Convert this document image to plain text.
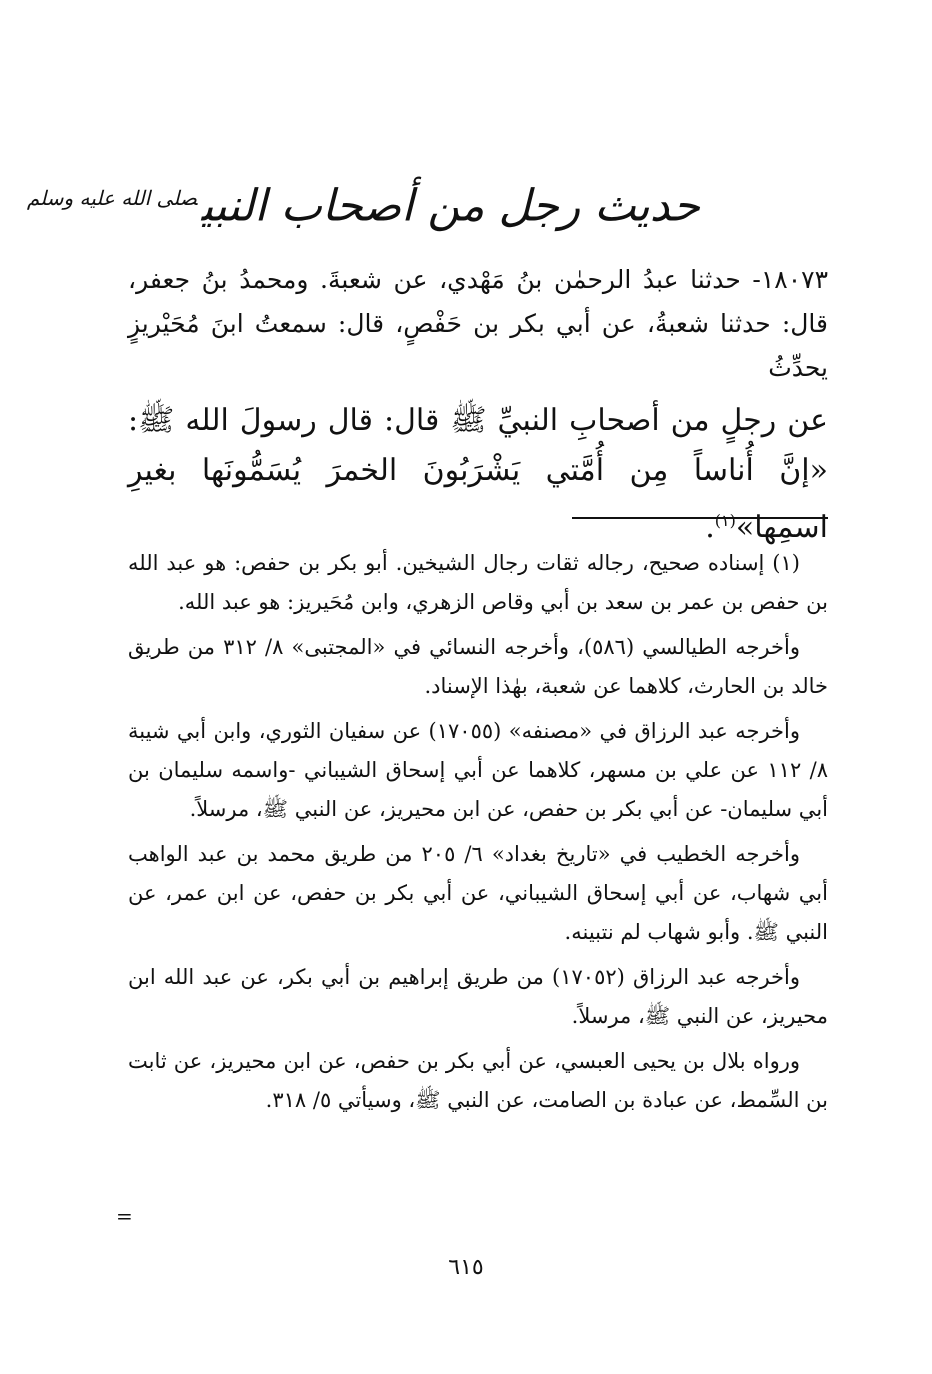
حديث رجل من أصحاب النبي$^{صلى الله عليه وسلم}$
١٨٠٧٣- حدثنا عبدُ الرحمٰن بنُ مَهْدي، عن شعبةَ. ومحمدُ بنُ جعفر، قال: حدثنا شعبةُ، عن أبي بكر بن حَفْصٍ، قال: سمعتُ ابنَ مُحَيْريزٍ يحدِّثُ
عن رجلٍ من أصحابِ النبيِّ ﷺ قال: قال رسولَ الله ﷺ: «إنَّ أُناساً مِن أُمَّتي يَشْرَبُونَ الخمرَ يُسَمُّونَها بغيرِ اسمِها»$^{(١)}$.

(١) إسناده صحيح، رجاله ثقات رجال الشيخين. أبو بكر بن حفص: هو عبد الله بن حفص بن عمر بن سعد بن أبي وقاص الزهري، وابن مُحَيريز: هو عبد الله.

وأخرجه الطيالسي (٥٨٦)، وأخرجه النسائي في «المجتبى» ٨/ ٣١٢ من طريق خالد بن الحارث، كلاهما عن شعبة، بهٰذا الإسناد.

وأخرجه عبد الرزاق في «مصنفه» (١٧٠٥٥) عن سفيان الثوري، وابن أبي شيبة ٨/ ١١٢ عن علي بن مسهر، كلاهما عن أبي إسحاق الشيباني -واسمه سليمان بن أبي سليمان- عن أبي بكر بن حفص، عن ابن محيريز، عن النبي ﷺ، مرسلاً.

وأخرجه الخطيب في «تاريخ بغداد» ٦/ ٢٠٥ من طريق محمد بن عبد الواهب أبي شهاب، عن أبي إسحاق الشيباني، عن أبي بكر بن حفص، عن ابن عمر، عن النبي ﷺ. وأبو شهاب لم نتبينه.

وأخرجه عبد الرزاق (١٧٠٥٢) من طريق إبراهيم بن أبي بكر، عن عبد الله ابن محيريز، عن النبي ﷺ، مرسلاً.

ورواه بلال بن يحيى العبسي، عن أبي بكر بن حفص، عن ابن محيريز، عن ثابت بن السِّمط، عن عبادة بن الصامت، عن النبي ﷺ، وسيأتي ٥/ ٣١٨.

=
٦١٥
